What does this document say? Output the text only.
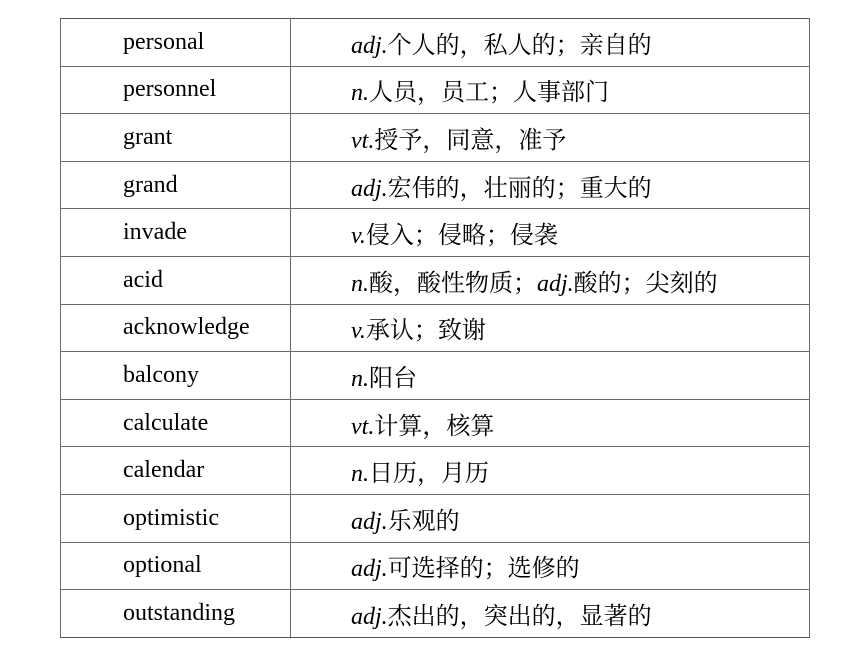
personal	adj.个人的，私人的；亲自的
personnel	n.人员，员工；人事部门
grant	vt.授予，同意，准予
grand	adj.宏伟的，壮丽的；重大的
invade	v.侵入；侵略；侵袭
acid	n.酸，酸性物质；adj.酸的；尖刻的
acknowledge	v.承认；致谢
balcony	n.阳台
calculate	vt.计算，核算
calendar	n.日历，月历
optimistic	adj.乐观的
optional	adj.可选择的；选修的
outstanding	adj.杰出的，突出的，显著的
